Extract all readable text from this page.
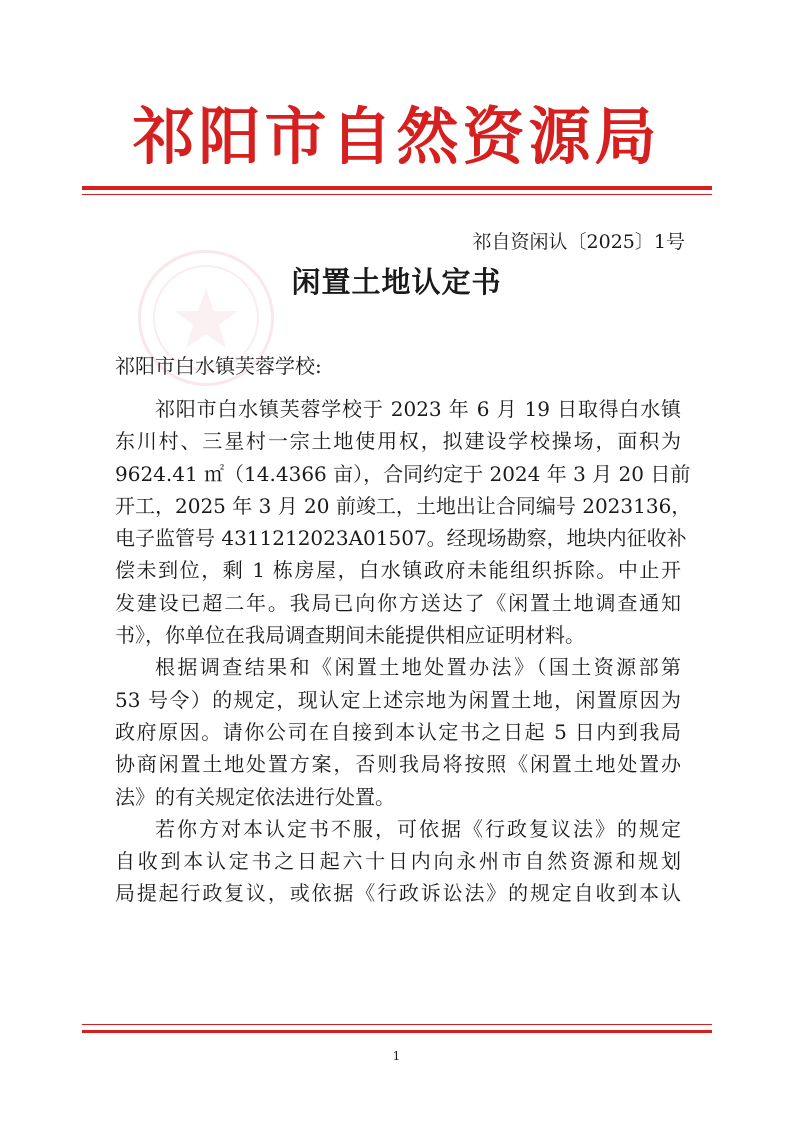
祁阳市自然资源局
祁自资闲认〔2025〕1号
闲置土地认定书
祁阳市白水镇芙蓉学校:

祁阳市白水镇芙蓉学校于 2023 年 6 月 19 日取得白水镇
东川村、三星村一宗土地使用权，拟建设学校操场，面积为
9624.41 ㎡（14.4366 亩），合同约定于 2024 年 3 月 20 日前
开工，2025 年 3 月 20 前竣工，土地出让合同编号 2023136，
电子监管号 4311212023A01507。经现场勘察，地块内征收补
偿未到位，剩 1 栋房屋，白水镇政府未能组织拆除。中止开
发建设已超二年。我局已向你方送达了《闲置土地调查通知
书》，你单位在我局调查期间未能提供相应证明材料。

根据调查结果和《闲置土地处置办法》（国土资源部第
53 号令）的规定，现认定上述宗地为闲置土地，闲置原因为
政府原因。请你公司在自接到本认定书之日起 5 日内到我局
协商闲置土地处置方案，否则我局将按照《闲置土地处置办
法》的有关规定依法进行处置。

若你方对本认定书不服，可依据《行政复议法》的规定
自收到本认定书之日起六十日内向永州市自然资源和规划
局提起行政复议，或依据《行政诉讼法》的规定自收到本认

1
